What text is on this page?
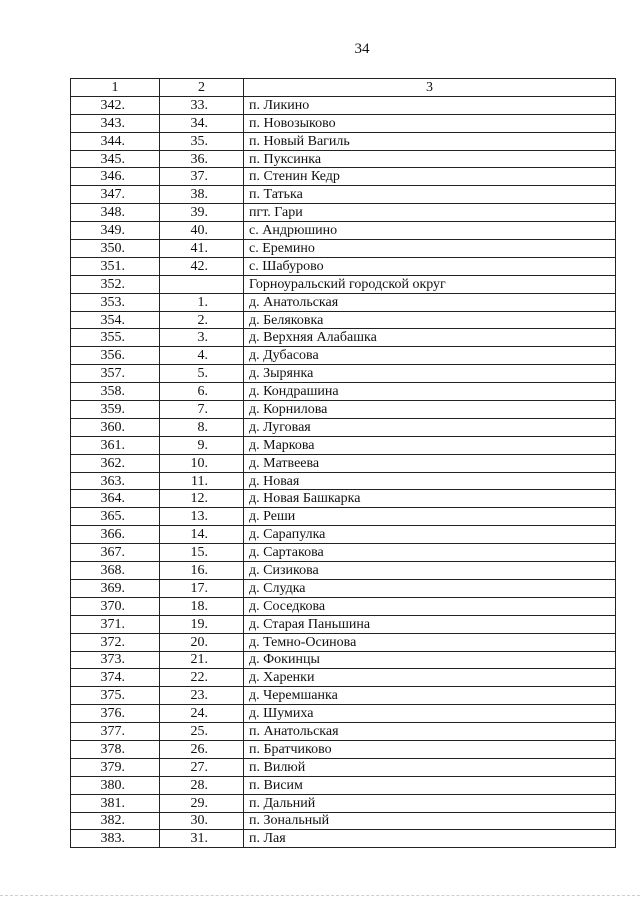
34
1	2	3
342.	33.	п. Ликино
343.	34.	п. Новозыково
344.	35.	п. Новый Вагиль
345.	36.	п. Пуксинка
346.	37.	п. Стенин Кедр
347.	38.	п. Татька
348.	39.	пгт. Гари
349.	40.	с. Андрюшино
350.	41.	с. Еремино
351.	42.	с. Шабурово
352.		Горноуральский городской округ
353.	1.	д. Анатольская
354.	2.	д. Беляковка
355.	3.	д. Верхняя Алабашка
356.	4.	д. Дубасова
357.	5.	д. Зырянка
358.	6.	д. Кондрашина
359.	7.	д. Корнилова
360.	8.	д. Луговая
361.	9.	д. Маркова
362.	10.	д. Матвеева
363.	11.	д. Новая
364.	12.	д. Новая Башкарка
365.	13.	д. Реши
366.	14.	д. Сарапулка
367.	15.	д. Сартакова
368.	16.	д. Сизикова
369.	17.	д. Слудка
370.	18.	д. Соседкова
371.	19.	д. Старая Паньшина
372.	20.	д. Темно-Осинова
373.	21.	д. Фокинцы
374.	22.	д. Харенки
375.	23.	д. Черемшанка
376.	24.	д. Шумиха
377.	25.	п. Анатольская
378.	26.	п. Братчиково
379.	27.	п. Вилюй
380.	28.	п. Висим
381.	29.	п. Дальний
382.	30.	п. Зональный
383.	31.	п. Лая
